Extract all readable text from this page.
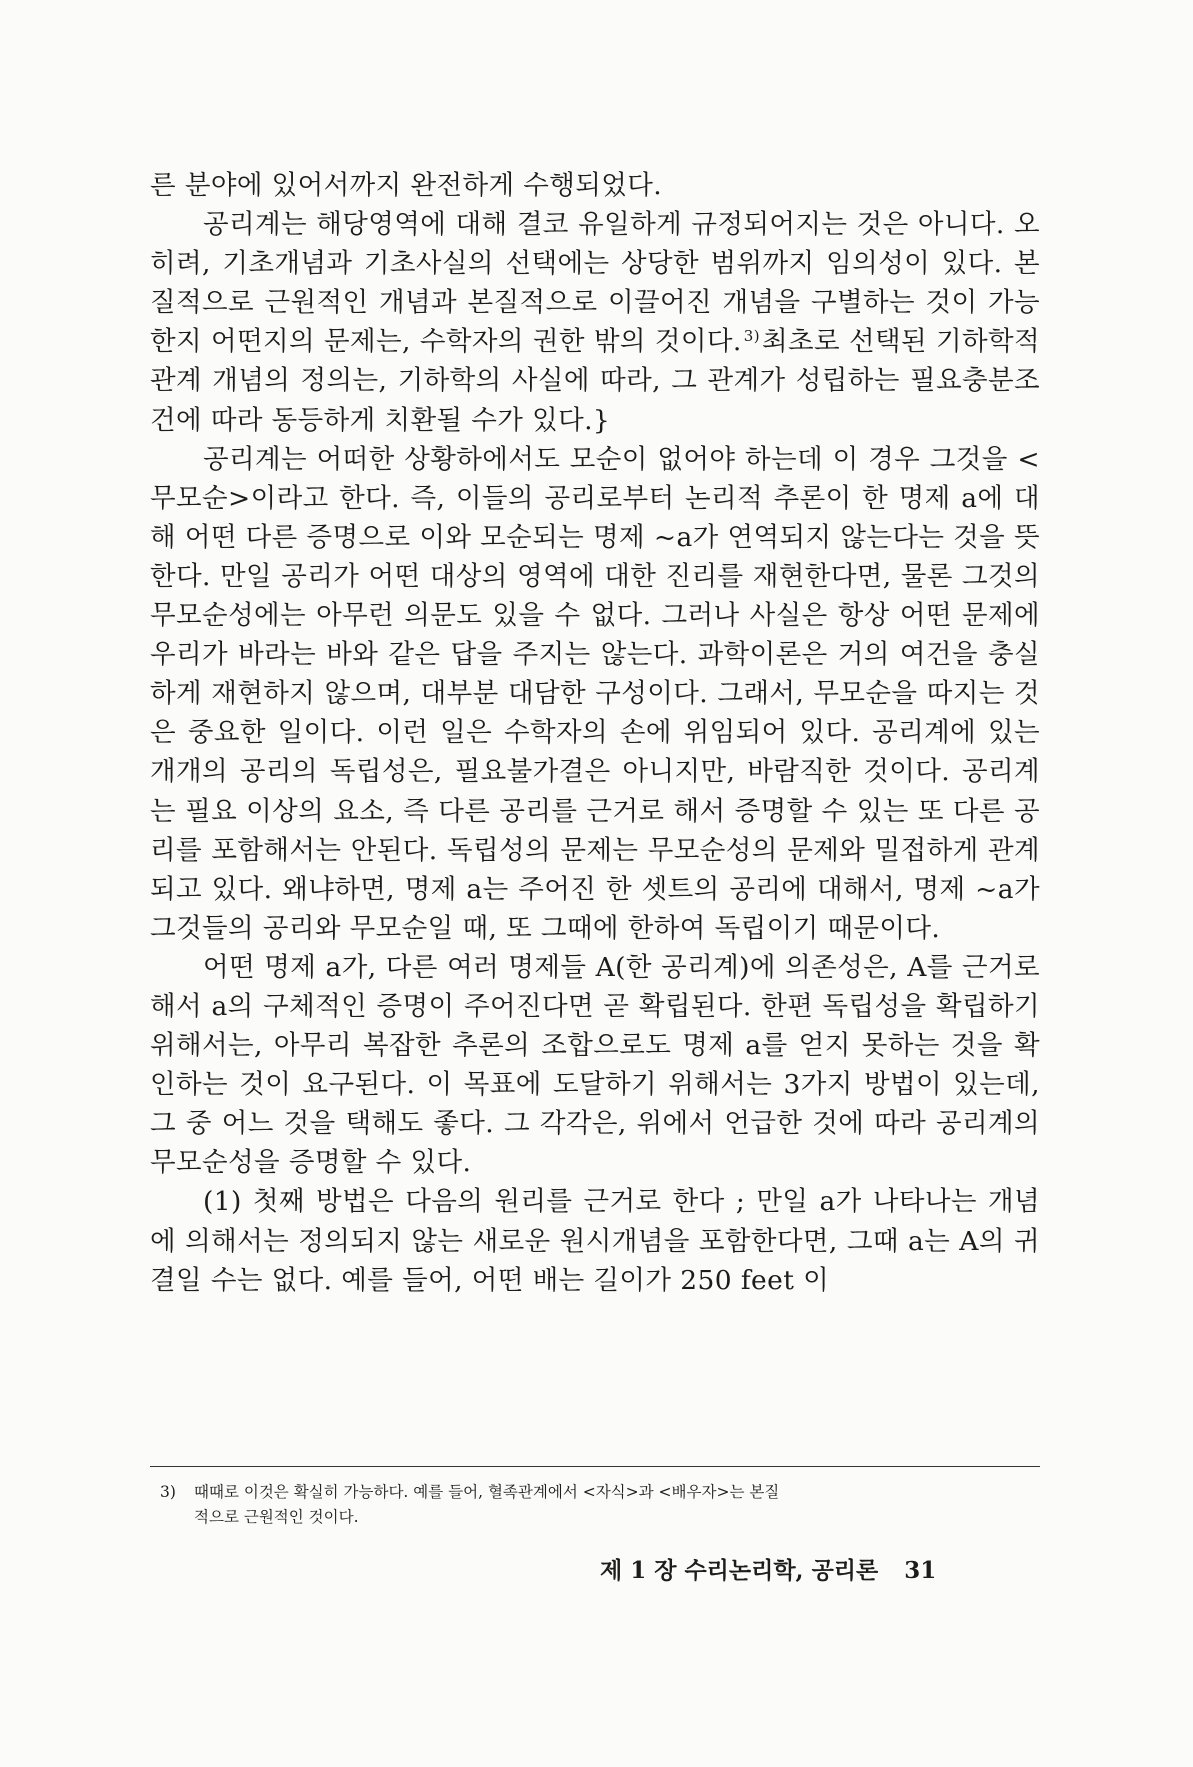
른 분야에 있어서까지 완전하게 수행되었다.

공리계는 해당영역에 대해 결코 유일하게 규정되어지는 것은 아니다. 오히려, 기초개념과 기초사실의 선택에는 상당한 범위까지 임의성이 있다. 본질적으로 근원적인 개념과 본질적으로 이끌어진 개념을 구별하는 것이 가능한지 어떤지의 문제는, 수학자의 권한 밖의 것이다. $^{3)}$최초로 선택된 기하학적 관계 개념의 정의는, 기하학의 사실에 따라, 그 관계가 성립하는 필요충분조건에 따라 동등하게 치환될 수가 있다.}

공리계는 어떠한 상황하에서도 모순이 없어야 하는데 이 경우 그것을 <무모순>이라고 한다. 즉, 이들의 공리로부터 논리적 추론이 한 명제 a에 대해 어떤 다른 증명으로 이와 모순되는 명제 ~a가 연역되지 않는다는 것을 뜻한다. 만일 공리가 어떤 대상의 영역에 대한 진리를 재현한다면, 물론 그것의 무모순성에는 아무런 의문도 있을 수 없다. 그러나 사실은 항상 어떤 문제에 우리가 바라는 바와 같은 답을 주지는 않는다. 과학이론은 거의 여건을 충실하게 재현하지 않으며, 대부분 대담한 구성이다. 그래서, 무모순을 따지는 것은 중요한 일이다. 이런 일은 수학자의 손에 위임되어 있다. 공리계에 있는 개개의 공리의 독립성은, 필요불가결은 아니지만, 바람직한 것이다. 공리계는 필요 이상의 요소, 즉 다른 공리를 근거로 해서 증명할 수 있는 또 다른 공리를 포함해서는 안된다. 독립성의 문제는 무모순성의 문제와 밀접하게 관계되고 있다. 왜냐하면, 명제 a는 주어진 한 셋트의 공리에 대해서, 명제 ~a가 그것들의 공리와 무모순일 때, 또 그때에 한하여 독립이기 때문이다.

어떤 명제 a가, 다른 여러 명제들 A(한 공리계)에 의존성은, A를 근거로해서 a의 구체적인 증명이 주어진다면 곧 확립된다. 한편 독립성을 확립하기 위해서는, 아무리 복잡한 추론의 조합으로도 명제 a를 얻지 못하는 것을 확인하는 것이 요구된다. 이 목표에 도달하기 위해서는 3가지 방법이 있는데, 그 중 어느 것을 택해도 좋다. 그 각각은, 위에서 언급한 것에 따라 공리계의 무모순성을 증명할 수 있다.

(1) 첫째 방법은 다음의 원리를 근거로 한다 ; 만일 a가 나타나는 개념에 의해서는 정의되지 않는 새로운 원시개념을 포함한다면, 그때 a는 A의 귀결일 수는 없다. 예를 들어, 어떤 배는 길이가 250 feet 이

3) 때때로 이것은 확실히 가능하다. 예를 들어, 혈족관계에서 <자식>과 <배우자>는 본질
적으로 근원적인 것이다.
제 1 장 수리논리학, 공리론 31
